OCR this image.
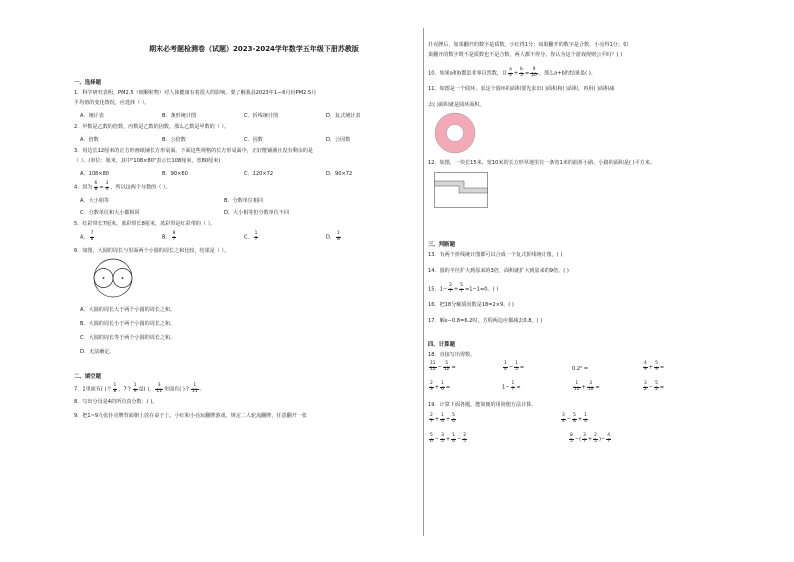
期末必考题检测卷（试题）2023-2024学年数学五年级下册苏教版
一、选择题
1．科学研究表明，PM2.5（细颗粒物）对人体健康有着很大的影响。要了解我县2023年1—6月份PM2.5月
平均值的变化情况，应选择（ ）。
A．统计表	B．条形统计图	C．折线统计图	D．复式统计表
2．甲数是乙数的倍数，丙数是乙数的因数。那么乙数是甲数的（ ）。
A．倍数	B．公倍数	C．因数	D．公因数
3．用边长12厘米的正方形画纸铺长方形桌面。下面这些规格的长方形桌面中，正好能铺满且没有剩余的是
（ ）。(单位：厘米，其中"108×80"表示长108厘米，宽80厘米)
A．108×80	B．90×60	C．120×72	D．90×72
4．因为 $\frac{6}{8} = \frac{3}{4}$ ，所以这两个分数的（ ）。
A．大小相等	B．分数单位相同
C．分数单位和大小都相同	D．大小相等但分数单位不同
5．红彩带长7厘米，蓝彩带长8厘米，蓝彩带是红彩带的（ ）。
A． $\frac{7}{8}$	B． $\frac{8}{7}$	C． $\frac{1}{7}$	D． $\frac{1}{8}$
6．如图，大圆的周长与里面两个小圆的周长之和比较，结果是（ ）。
A．大圆的周长大于两个小圆的周长之和。
B．大圆的周长小于两个小圆的周长之和。
C．大圆的周长等于两个小圆的周长之和。
D．无法确定。
二、填空题
7．1里面有( )个 $\frac{1}{8}$ ，7个 $\frac{1}{9}$ 是( )， $\frac{3}{11}$ 里面有( )个 $\frac{1}{11}$ 。
8．写出分母是4的所有真分数：( )。
9．把1~9九张扑克牌背面朝上放在桌子上，小红和小亮玩翻牌游戏，规定二人轮流翻牌，任意翻开一张
扑克牌后，如果翻开的数字是质数，小红得1分；如果翻开的数字是合数，小亮得1分；如
果翻开的数字既不是质数也不是合数，两人都不得分。你认为这个游戏规则公平吗？( )
10．如果a和b都是非零自然数，且 $\frac{a}{4} + \frac{b}{5} = \frac{9}{20}$ ，那么a+b的结果是( )。
11．如图是一个圆环，求这个圆环的面积要先求出( )面积和( )面积，再用( )面积减
去( )面积就是圆环面积。
12．如图，一块长15米、宽10米的长方形草地里有一条宽1米的曲折小路，小路的面积是( )平方米。
三、判断题
13．有两个折线统计图都可以合成一个复式折线统计图。( )
14．圆的半径扩大到原来的3倍，面积就扩大到原来的9倍。( )
15．$1- \frac{2}{7} + \frac{5}{7} =1-1=0$。( )
16．把18分解质因数是18=2×9。( )
17．解x−0.8=6.2时，方程两边应都减去0.8。( )
四、计算题
18．直接写出得数。
$\frac{11}{12} - \frac{5}{12}$ =	$\frac{1}{4} - \frac{1}{5}$ =	0.2² =	$\frac{4}{9} + \frac{5}{9}$ =
$\frac{2}{3} + \frac{1}{6}$ =	$1- \frac{1}{7}$ =	$\frac{1}{10} + \frac{3}{10}$ =	$\frac{3}{2} - \frac{5}{2}$ =
19．计算下面各题，能简便的用简便方法计算。
$\frac{2}{7} + \frac{1}{6} + \frac{5}{6}$	$\frac{3}{4} - \frac{5}{8} + \frac{1}{4}$
$\frac{5}{6} - \frac{3}{5} + \frac{1}{6} - \frac{2}{5}$	$\frac{8}{5}$ −( $\frac{3}{7} + \frac{2}{5}$ )− $\frac{4}{7}$
